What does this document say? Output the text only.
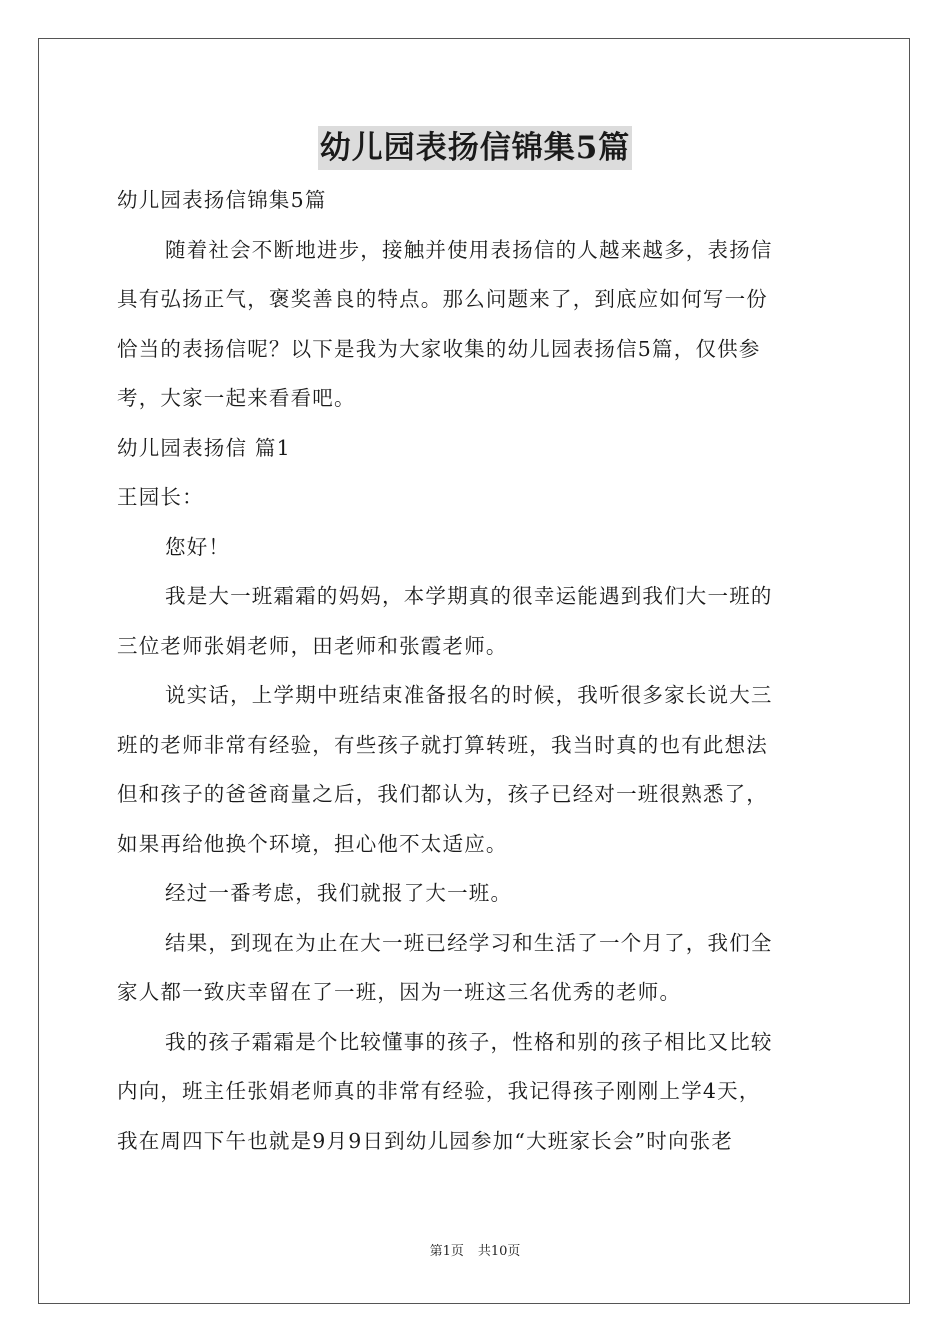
幼儿园表扬信锦集5篇
幼儿园表扬信锦集5篇
随着社会不断地进步，接触并使用表扬信的人越来越多，表扬信
具有弘扬正气，褒奖善良的特点。那么问题来了，到底应如何写一份
恰当的表扬信呢？以下是我为大家收集的幼儿园表扬信5篇，仅供参
考，大家一起来看看吧。
幼儿园表扬信 篇1
王园长：
您好！
我是大一班霜霜的妈妈，本学期真的很幸运能遇到我们大一班的
三位老师张娟老师，田老师和张霞老师。
说实话，上学期中班结束准备报名的时候，我听很多家长说大三
班的老师非常有经验，有些孩子就打算转班，我当时真的也有此想法
但和孩子的爸爸商量之后，我们都认为，孩子已经对一班很熟悉了，
如果再给他换个环境，担心他不太适应。
经过一番考虑，我们就报了大一班。
结果，到现在为止在大一班已经学习和生活了一个月了，我们全
家人都一致庆幸留在了一班，因为一班这三名优秀的老师。
我的孩子霜霜是个比较懂事的孩子，性格和别的孩子相比又比较
内向，班主任张娟老师真的非常有经验，我记得孩子刚刚上学4天，
我在周四下午也就是9月9日到幼儿园参加“大班家长会”时向张老
第1页 共10页
